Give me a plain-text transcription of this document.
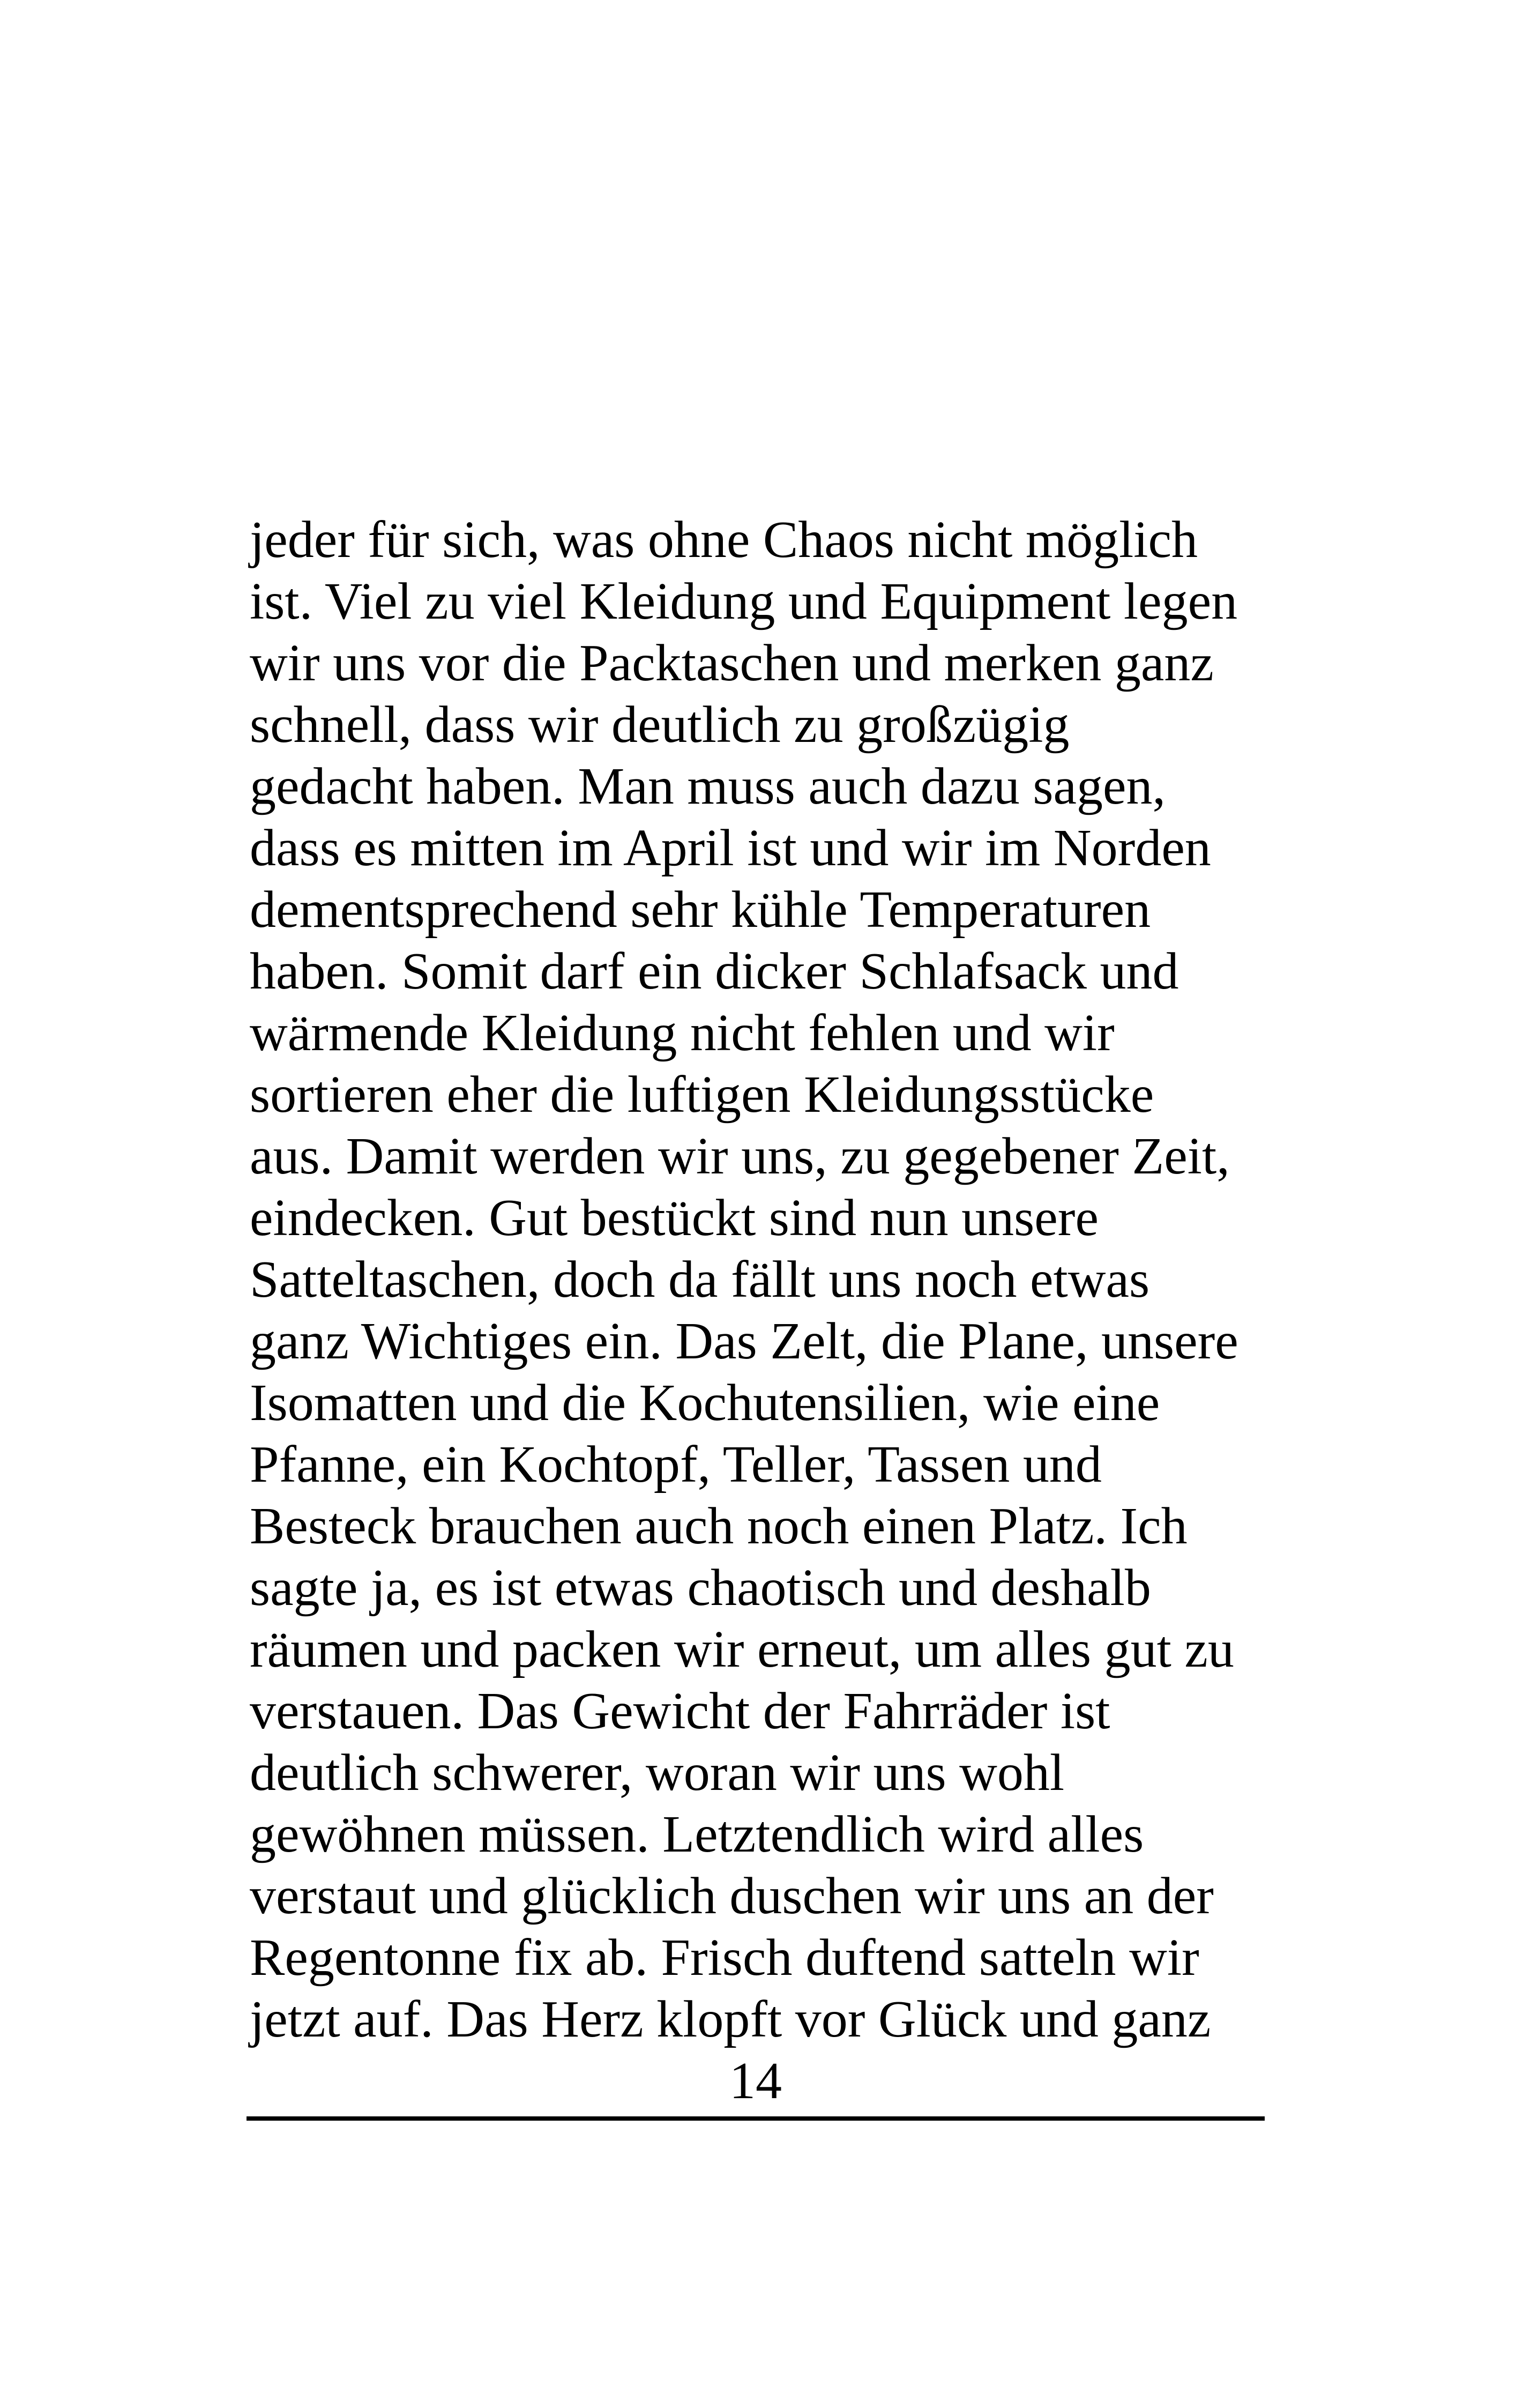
jeder für sich, was ohne Chaos nicht möglich
ist. Viel zu viel Kleidung und Equipment legen
wir uns vor die Packtaschen und merken ganz
schnell, dass wir deutlich zu großzügig
gedacht haben. Man muss auch dazu sagen,
dass es mitten im April ist und wir im Norden
dementsprechend sehr kühle Temperaturen
haben. Somit darf ein dicker Schlafsack und
wärmende Kleidung nicht fehlen und wir
sortieren eher die luftigen Kleidungsstücke
aus. Damit werden wir uns, zu gegebener Zeit,
eindecken. Gut bestückt sind nun unsere
Satteltaschen, doch da fällt uns noch etwas
ganz Wichtiges ein. Das Zelt, die Plane, unsere
Isomatten und die Kochutensilien, wie eine
Pfanne, ein Kochtopf, Teller, Tassen und
Besteck brauchen auch noch einen Platz. Ich
sagte ja, es ist etwas chaotisch und deshalb
räumen und packen wir erneut, um alles gut zu
verstauen. Das Gewicht der Fahrräder ist
deutlich schwerer, woran wir uns wohl
gewöhnen müssen. Letztendlich wird alles
verstaut und glücklich duschen wir uns an der
Regentonne fix ab. Frisch duftend satteln wir
jetzt auf. Das Herz klopft vor Glück und ganz
14
